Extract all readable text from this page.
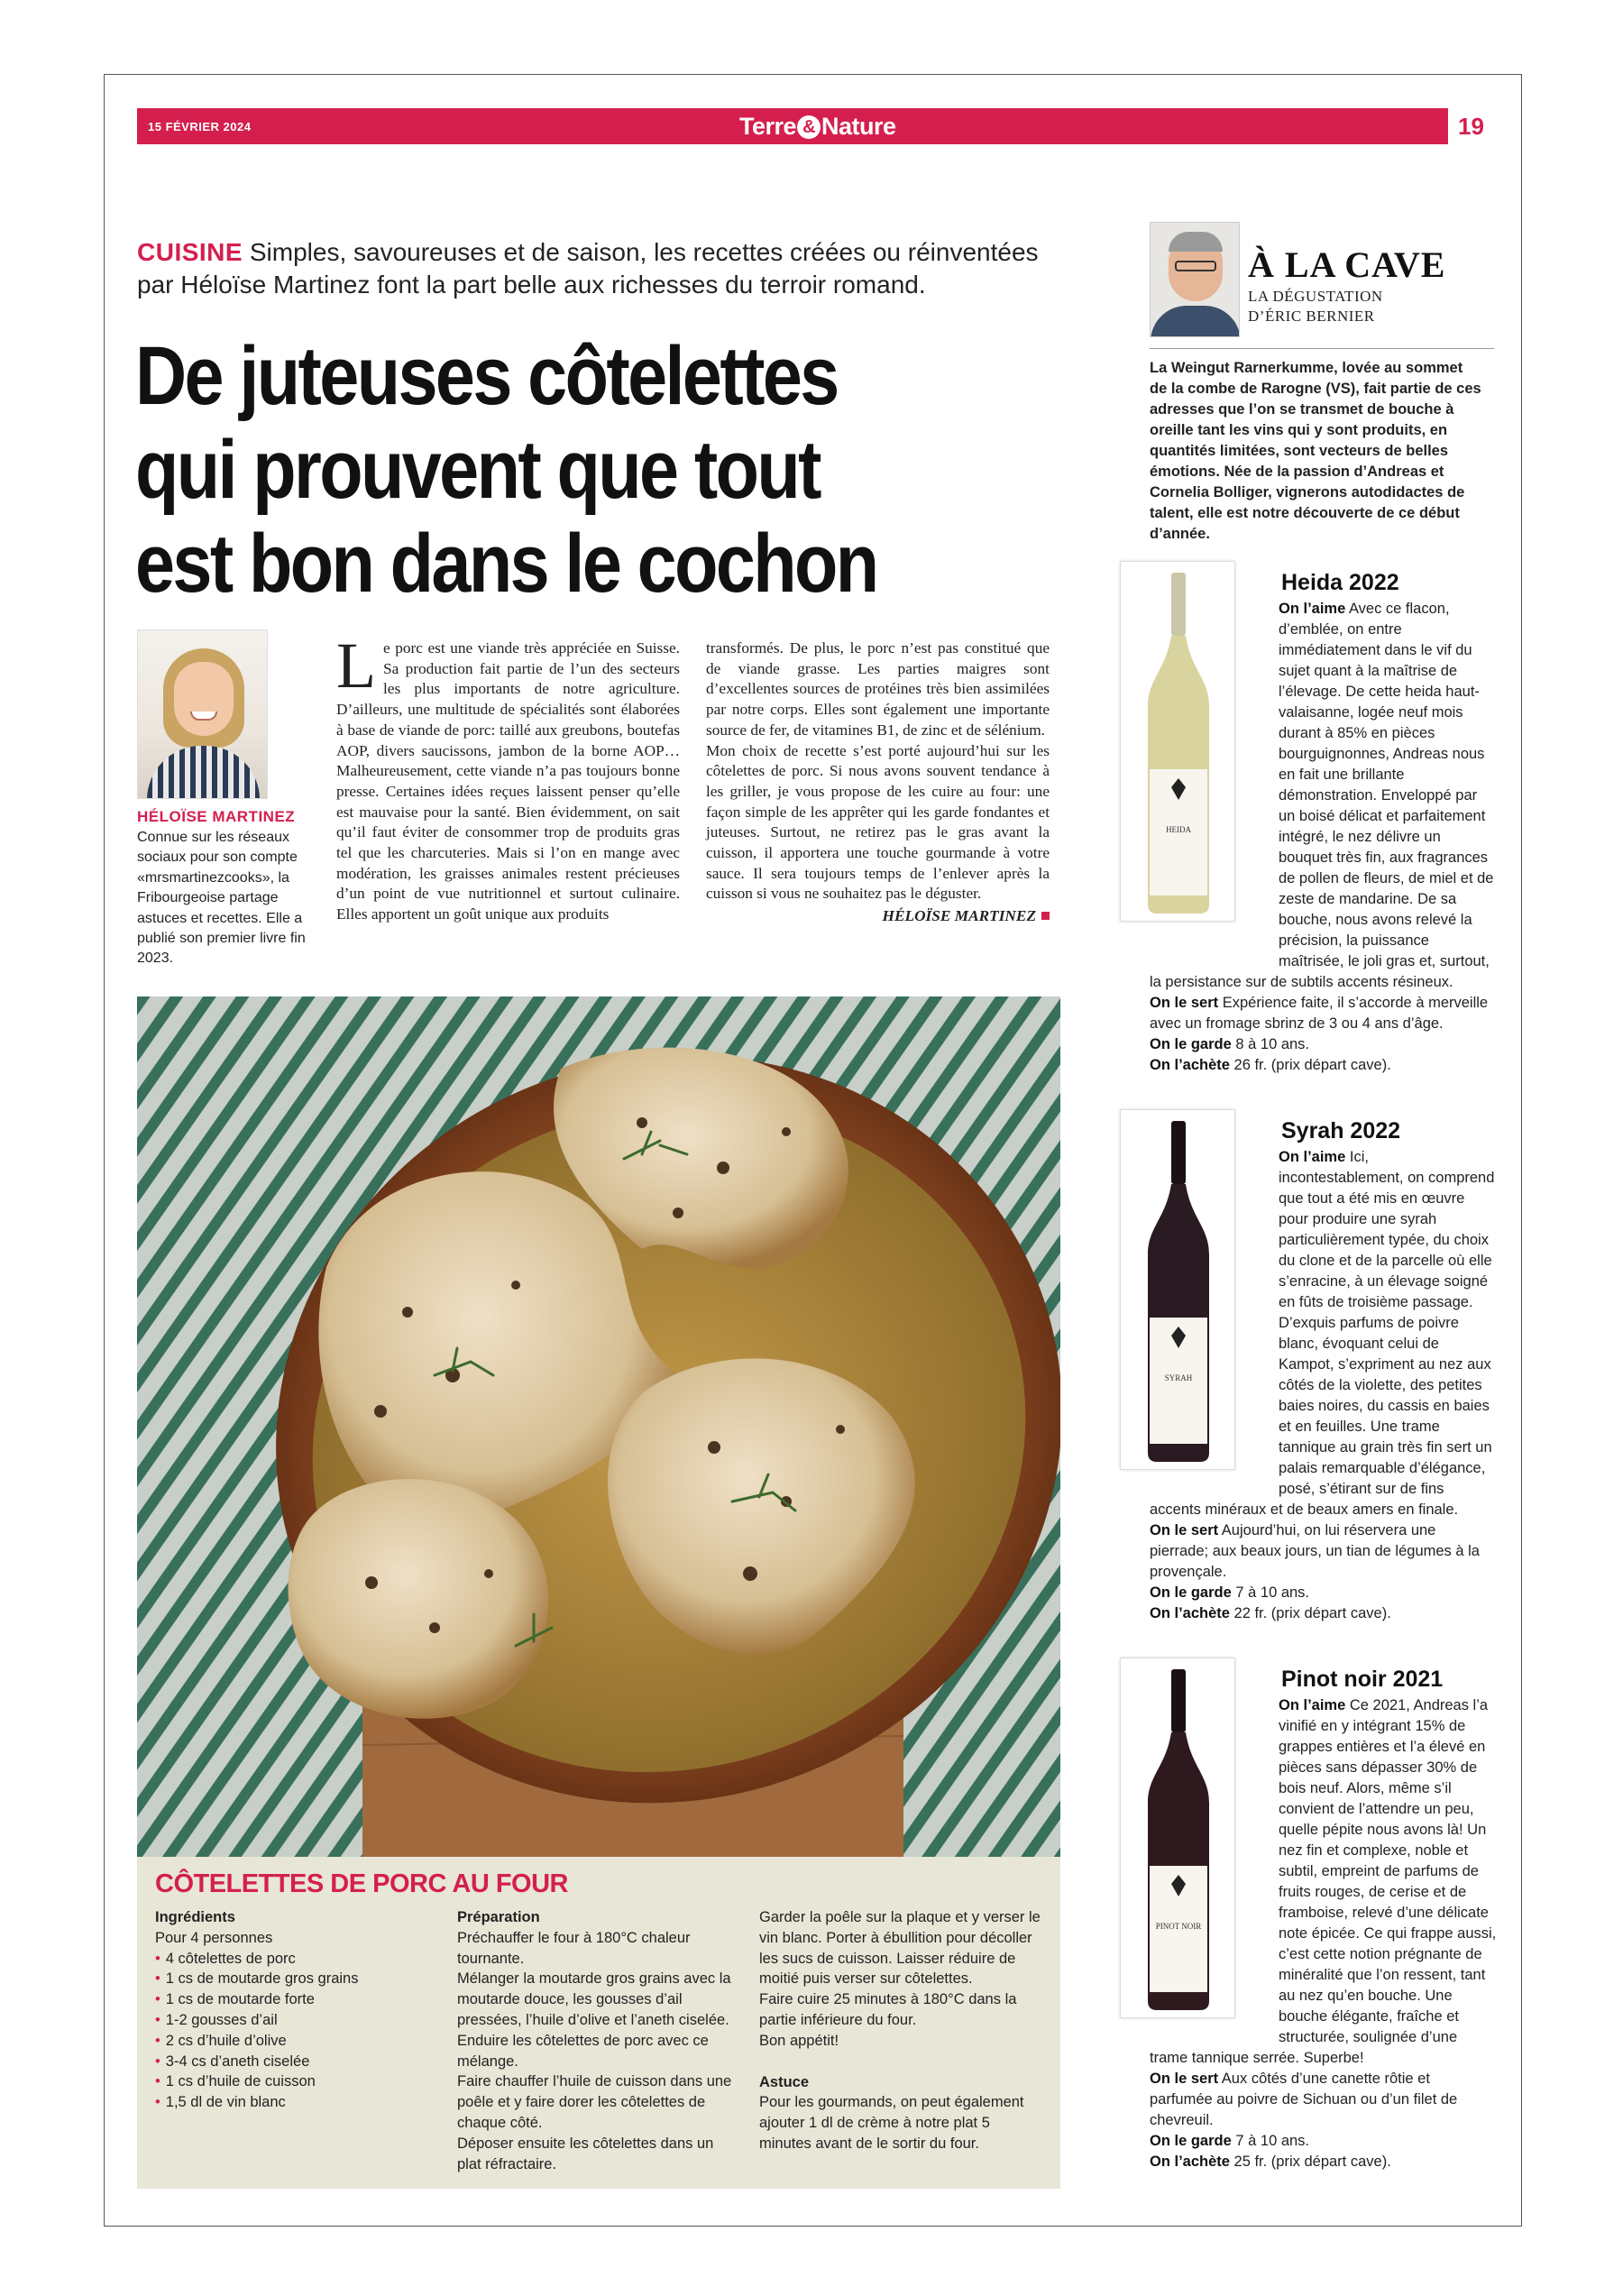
15 FÉVRIER 2024	Terre & Nature	19

CUISINE Simples, savoureuses et de saison, les recettes créées ou réinventées par Héloïse Martinez font la part belle aux richesses du terroir romand.

De juteuses côtelettes
qui prouvent que tout
est bon dans le cochon
HÉLOÏSE MARTINEZ

Connue sur les réseaux sociaux pour son compte «mrsmartinezcooks», la Fribourgeoise partage astuces et recettes. Elle a publié son premier livre fin 2023.

Le porc est une viande très appréciée en Suisse. Sa production fait partie de l’un des secteurs les plus importants de notre agriculture. D’ailleurs, une multitude de spécialités sont élaborées à base de viande de porc: taillé aux greubons, boutefas AOP, divers saucissons, jambon de la borne AOP… Malheureusement, cette viande n’a pas toujours bonne presse. Certaines idées reçues laissent penser qu’elle est mauvaise pour la santé. Bien évidemment, on sait qu’il faut éviter de consommer trop de produits gras tel que les charcuteries. Mais si l’on en mange avec modération, les graisses animales restent précieuses d’un point de vue nutritionnel et surtout culinaire. Elles apportent un goût unique aux produits

transformés. De plus, le porc n’est pas constitué que de viande grasse. Les parties maigres sont d’excellentes sources de protéines très bien assimilées par notre corps. Elles sont également une importante source de fer, de vitamines B1, de zinc et de sélénium.

Mon choix de recette s’est porté aujourd’hui sur les côtelettes de porc. Si nous avons souvent tendance à les griller, je vous propose de les cuire au four: une façon simple de les apprêter qui les garde fondantes et juteuses. Surtout, ne retirez pas le gras avant la cuisson, il apportera une touche gourmande à votre sauce. Il sera toujours temps de l’enlever après la cuisson si vous ne souhaitez pas le déguster.

HÉLOÏSE MARTINEZ

CÔTELETTES DE PORC AU FOUR
Ingrédients

Pour 4 personnes

• 4 côtelettes de porc
• 1 cs de moutarde gros grains
• 1 cs de moutarde forte
• 1-2 gousses d’ail
• 2 cs d’huile d’olive
• 3-4 cs d’aneth ciselée
• 1 cs d’huile de cuisson
• 1,5 dl de vin blanc
Préparation

Préchauffer le four à 180°C chaleur tournante.

Mélanger la moutarde gros grains avec la moutarde douce, les gousses d’ail pressées, l’huile d’olive et l’aneth ciselée.

Enduire les côtelettes de porc avec ce mélange.

Faire chauffer l’huile de cuisson dans une poêle et y faire dorer les côtelettes de chaque côté.

Déposer ensuite les côtelettes dans un plat réfractaire.

Garder la poêle sur la plaque et y verser le vin blanc. Porter à ébullition pour décoller les sucs de cuisson. Laisser réduire de moitié puis verser sur côtelettes.

Faire cuire 25 minutes à 180°C dans la partie inférieure du four.

Bon appétit!

Astuce

Pour les gourmands, on peut également ajouter 1 dl de crème à notre plat 5 minutes avant de le sortir du four.

À LA CAVE
LA DÉGUSTATION
D’ÉRIC BERNIER

La Weingut Rarnerkumme, lovée au sommet de la combe de Rarogne (VS), fait partie de ces adresses que l’on se transmet de bouche à oreille tant les vins qui y sont produits, en quantités limitées, sont vecteurs de belles émotions. Née de la passion d’Andreas et Cornelia Bolliger, vignerons autodidactes de talent, elle est notre découverte de ce début d’année.

HEIDA
Heida 2022

On l’aime Avec ce flacon, d’emblée, on entre immédiatement dans le vif du sujet quant à la maîtrise de l’élevage. De cette heida haut-valaisanne, logée neuf mois durant à 85% en pièces bourguignonnes, Andreas nous en fait une brillante démonstration. Enveloppé par un boisé délicat et parfaitement intégré, le nez délivre un bouquet très fin, aux fragrances de pollen de fleurs, de miel et de zeste de mandarine. De sa bouche, nous avons relevé la précision, la puissance maîtrisée, le joli gras et, surtout, la persistance sur de subtils accents résineux.

On le sert Expérience faite, il s’accorde à merveille avec un fromage sbrinz de 3 ou 4 ans d’âge.

On le garde 8 à 10 ans.

On l’achète 26 fr. (prix départ cave).

SYRAH
Syrah 2022

On l’aime Ici, incontestablement, on comprend que tout a été mis en œuvre pour produire une syrah particulièrement typée, du choix du clone et de la parcelle où elle s’enracine, à un élevage soigné en fûts de troisième passage. D’exquis parfums de poivre blanc, évoquant celui de Kampot, s’expriment au nez aux côtés de la violette, des petites baies noires, du cassis en baies et en feuilles. Une trame tannique au grain très fin sert un palais remarquable d’élégance, posé, s’étirant sur de fins accents minéraux et de beaux amers en finale.

On le sert Aujourd’hui, on lui réservera une pierrade; aux beaux jours, un tian de légumes à la provençale.

On le garde 7 à 10 ans.

On l’achète 22 fr. (prix départ cave).

PINOT NOIR
Pinot noir 2021

On l’aime Ce 2021, Andreas l’a vinifié en y intégrant 15% de grappes entières et l’a élevé en pièces sans dépasser 30% de bois neuf. Alors, même s’il convient de l’attendre un peu, quelle pépite nous avons là! Un nez fin et complexe, noble et subtil, empreint de parfums de fruits rouges, de cerise et de framboise, relevé d’une délicate note épicée. Ce qui frappe aussi, c’est cette notion prégnante de minéralité que l’on ressent, tant au nez qu’en bouche. Une bouche élégante, fraîche et structurée, soulignée d’une trame tannique serrée. Superbe!

On le sert Aux côtés d’une canette rôtie et parfumée au poivre de Sichuan ou d’un filet de chevreuil.

On le garde 7 à 10 ans.

On l’achète 25 fr. (prix départ cave).
